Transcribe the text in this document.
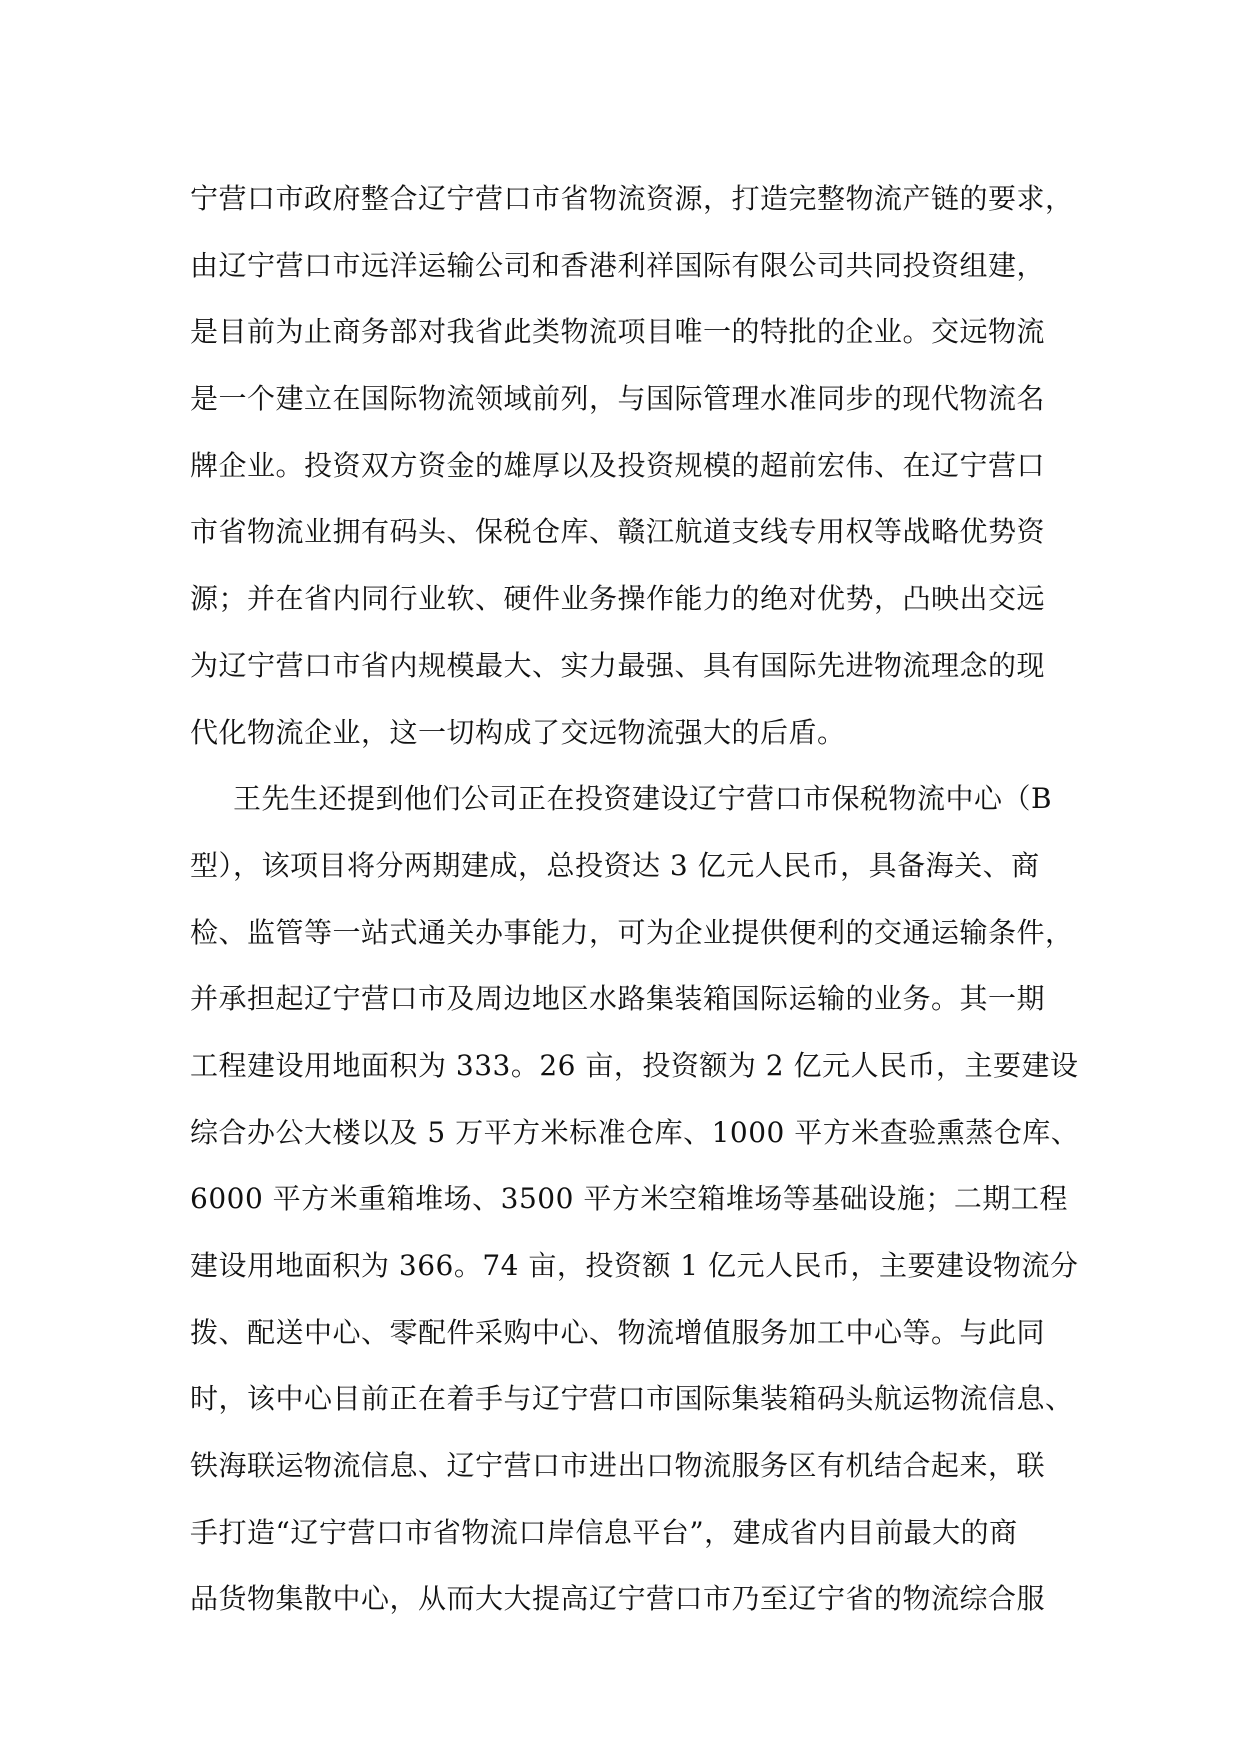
宁营口市政府整合辽宁营口市省物流资源，打造完整物流产链的要求，
由辽宁营口市远洋运输公司和香港利祥国际有限公司共同投资组建，
是目前为止商务部对我省此类物流项目唯一的特批的企业。交远物流
是一个建立在国际物流领域前列，与国际管理水准同步的现代物流名
牌企业。投资双方资金的雄厚以及投资规模的超前宏伟、在辽宁营口
市省物流业拥有码头、保税仓库、赣江航道支线专用权等战略优势资
源；并在省内同行业软、硬件业务操作能力的绝对优势，凸映出交远
为辽宁营口市省内规模最大、实力最强、具有国际先进物流理念的现
代化物流企业，这一切构成了交远物流强大的后盾。
王先生还提到他们公司正在投资建设辽宁营口市保税物流中心（B
型），该项目将分两期建成，总投资达 3 亿元人民币，具备海关、商
检、监管等一站式通关办事能力，可为企业提供便利的交通运输条件，
并承担起辽宁营口市及周边地区水路集装箱国际运输的业务。其一期
工程建设用地面积为 333。26 亩，投资额为 2 亿元人民币，主要建设
综合办公大楼以及 5 万平方米标准仓库、1000 平方米查验熏蒸仓库、
6000 平方米重箱堆场、3500 平方米空箱堆场等基础设施；二期工程
建设用地面积为 366。74 亩，投资额 1 亿元人民币，主要建设物流分
拨、配送中心、零配件采购中心、物流增值服务加工中心等。与此同
时，该中心目前正在着手与辽宁营口市国际集装箱码头航运物流信息、
铁海联运物流信息、辽宁营口市进出口物流服务区有机结合起来，联
手打造“辽宁营口市省物流口岸信息平台”，建成省内目前最大的商
品货物集散中心，从而大大提高辽宁营口市乃至辽宁省的物流综合服
